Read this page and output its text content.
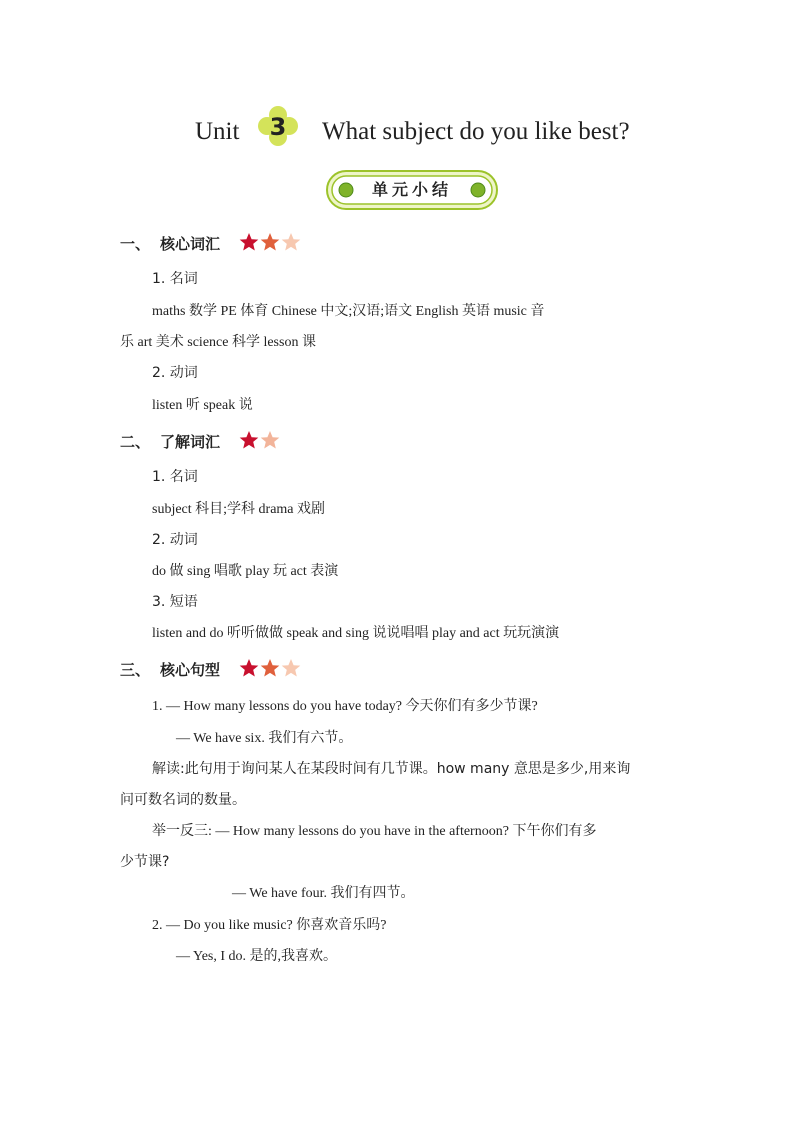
Unit 3 What subject do you like best?
单元小结
一、 核心词汇
1. 名词
maths 数学 PE 体育 Chinese 中文;汉语;语文 English 英语 music 音
乐 art 美术 science 科学 lesson 课
2. 动词
listen 听 speak 说
二、 了解词汇
1. 名词
subject 科目;学科 drama 戏剧
2. 动词
do 做 sing 唱歌 play 玩 act 表演
3. 短语
listen and do 听听做做 speak and sing 说说唱唱 play and act 玩玩演演
三、 核心句型
1. — How many lessons do you have today? 今天你们有多少节课?
— We have six. 我们有六节。
解读:此句用于询问某人在某段时间有几节课。how many 意思是多少,用来询
问可数名词的数量。
举一反三: — How many lessons do you have in the afternoon? 下午你们有多
少节课?
— We have four. 我们有四节。
2. — Do you like music? 你喜欢音乐吗?
— Yes, I do. 是的,我喜欢。
